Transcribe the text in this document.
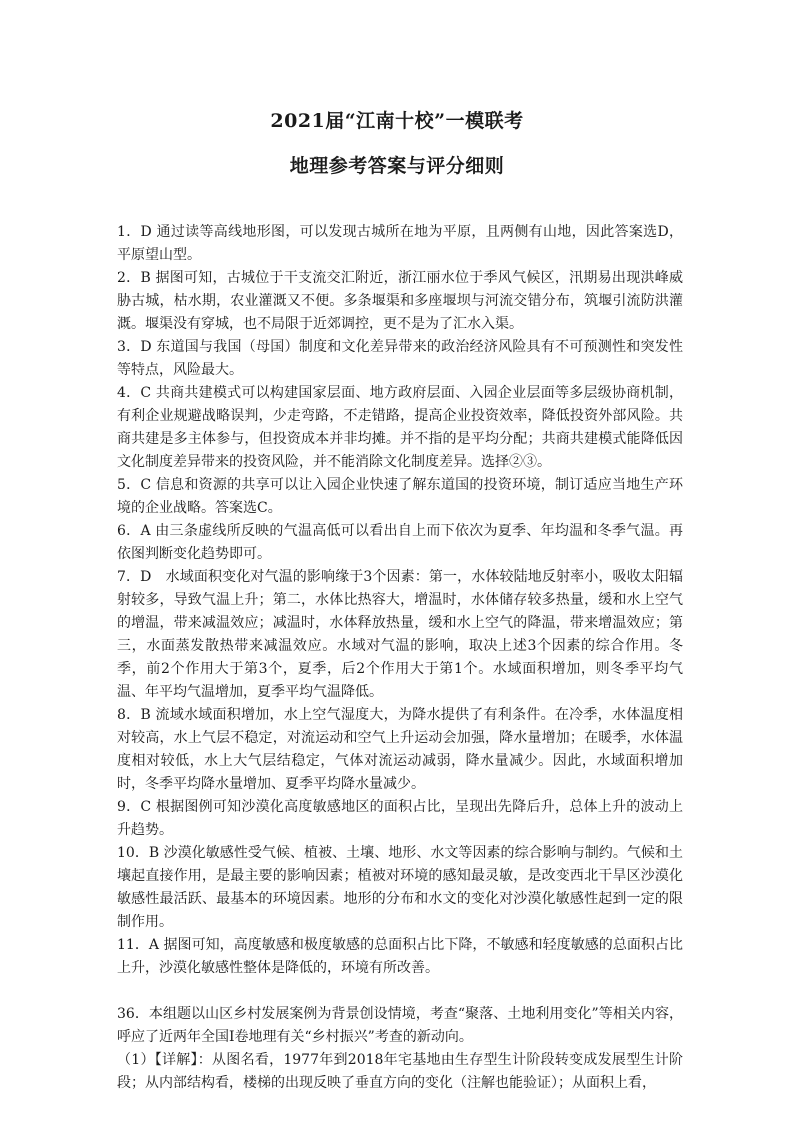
2021届“江南十校”一模联考
地理参考答案与评分细则

1．D 通过读等高线地形图，可以发现古城所在地为平原，且两侧有山地，因此答案选D，平原望山型。

2．B 据图可知，古城位于干支流交汇附近，浙江丽水位于季风气候区，汛期易出现洪峰威胁古城，枯水期，农业灌溉又不便。多条堰渠和多座堰坝与河流交错分布，筑堰引流防洪灌溉。堰渠没有穿城，也不局限于近郊调控，更不是为了汇水入渠。

3．D 东道国与我国（母国）制度和文化差异带来的政治经济风险具有不可预测性和突发性等特点，风险最大。

4．C 共商共建模式可以构建国家层面、地方政府层面、入园企业层面等多层级协商机制，有利企业规避战略误判，少走弯路，不走错路，提高企业投资效率，降低投资外部风险。共商共建是多主体参与，但投资成本并非均摊。并不指的是平均分配；共商共建模式能降低因文化制度差异带来的投资风险，并不能消除文化制度差异。选择②③。

5．C 信息和资源的共享可以让入园企业快速了解东道国的投资环境，制订适应当地生产环境的企业战略。答案选C。

6．A 由三条虚线所反映的气温高低可以看出自上而下依次为夏季、年均温和冬季气温。再依图判断变化趋势即可。

7．D　水域面积变化对气温的影响缘于3个因素：第一，水体较陆地反射率小，吸收太阳辐射较多，导致气温上升；第二，水体比热容大，增温时，水体储存较多热量，缓和水上空气的增温，带来减温效应；减温时，水体释放热量，缓和水上空气的降温，带来增温效应；第三，水面蒸发散热带来减温效应。水域对气温的影响，取决上述3个因素的综合作用。冬季，前2个作用大于第3个，夏季，后2个作用大于第1个。水域面积增加，则冬季平均气温、年平均气温增加，夏季平均气温降低。

8．B 流域水域面积增加，水上空气湿度大，为降水提供了有利条件。在冷季，水体温度相对较高，水上气层不稳定，对流运动和空气上升运动会加强，降水量增加；在暖季，水体温度相对较低，水上大气层结稳定，气体对流运动减弱，降水量减少。因此，水域面积增加时，冬季平均降水量增加、夏季平均降水量减少。

9．C 根据图例可知沙漠化高度敏感地区的面积占比，呈现出先降后升，总体上升的波动上升趋势。

10．B 沙漠化敏感性受气候、植被、土壤、地形、水文等因素的综合影响与制约。气候和土壤起直接作用，是最主要的影响因素；植被对环境的感知最灵敏，是改变西北干旱区沙漠化敏感性最活跃、最基本的环境因素。地形的分布和水文的变化对沙漠化敏感性起到一定的限制作用。

11．A 据图可知，高度敏感和极度敏感的总面积占比下降，不敏感和轻度敏感的总面积占比上升，沙漠化敏感性整体是降低的，环境有所改善。

36．本组题以山区乡村发展案例为背景创设情境，考查“聚落、土地利用变化”等相关内容，呼应了近两年全国Ⅰ卷地理有关“乡村振兴”考查的新动向。

（1）【详解】：从图名看，1977年到2018年宅基地由生存型生计阶段转变成发展型生计阶段；从内部结构看，楼梯的出现反映了垂直方向的变化（注解也能验证）；从面积上看，
